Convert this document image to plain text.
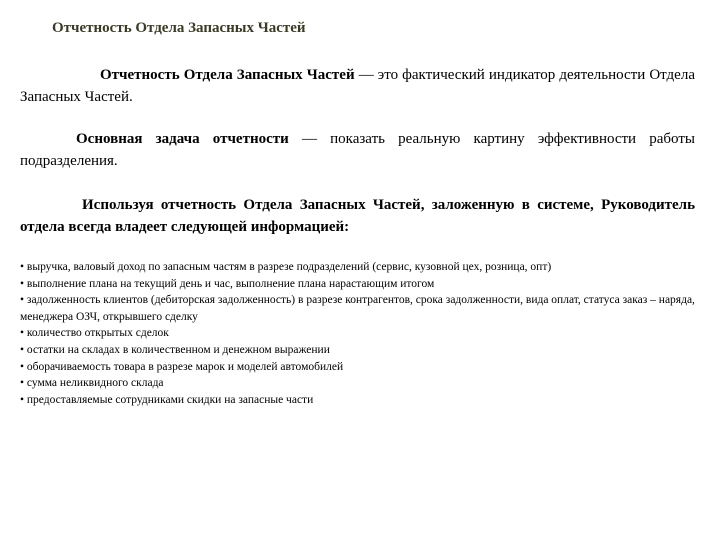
Отчетность Отдела Запасных Частей
Отчетность Отдела Запасных Частей — это фактический индикатор деятельности Отдела Запасных Частей.
Основная задача отчетности — показать реальную картину эффективности работы подразделения.
Используя отчетность Отдела Запасных Частей, заложенную в системе, Руководитель отдела всегда владеет следующей информацией:
• выручка, валовый доход по запасным частям в разрезе подразделений (сервис, кузовной цех, розница, опт)
• выполнение плана на текущий день и час, выполнение плана нарастающим итогом
• задолженность клиентов (дебиторская задолженность) в разрезе контрагентов, срока задолженности, вида оплат, статуса заказ – наряда, менеджера ОЗЧ, открывшего сделку
• количество открытых сделок
• остатки на складах в количественном и денежном выражении
• оборачиваемость товара в разрезе марок и моделей автомобилей
• сумма неликвидного склада
• предоставляемые сотрудниками скидки на запасные части
